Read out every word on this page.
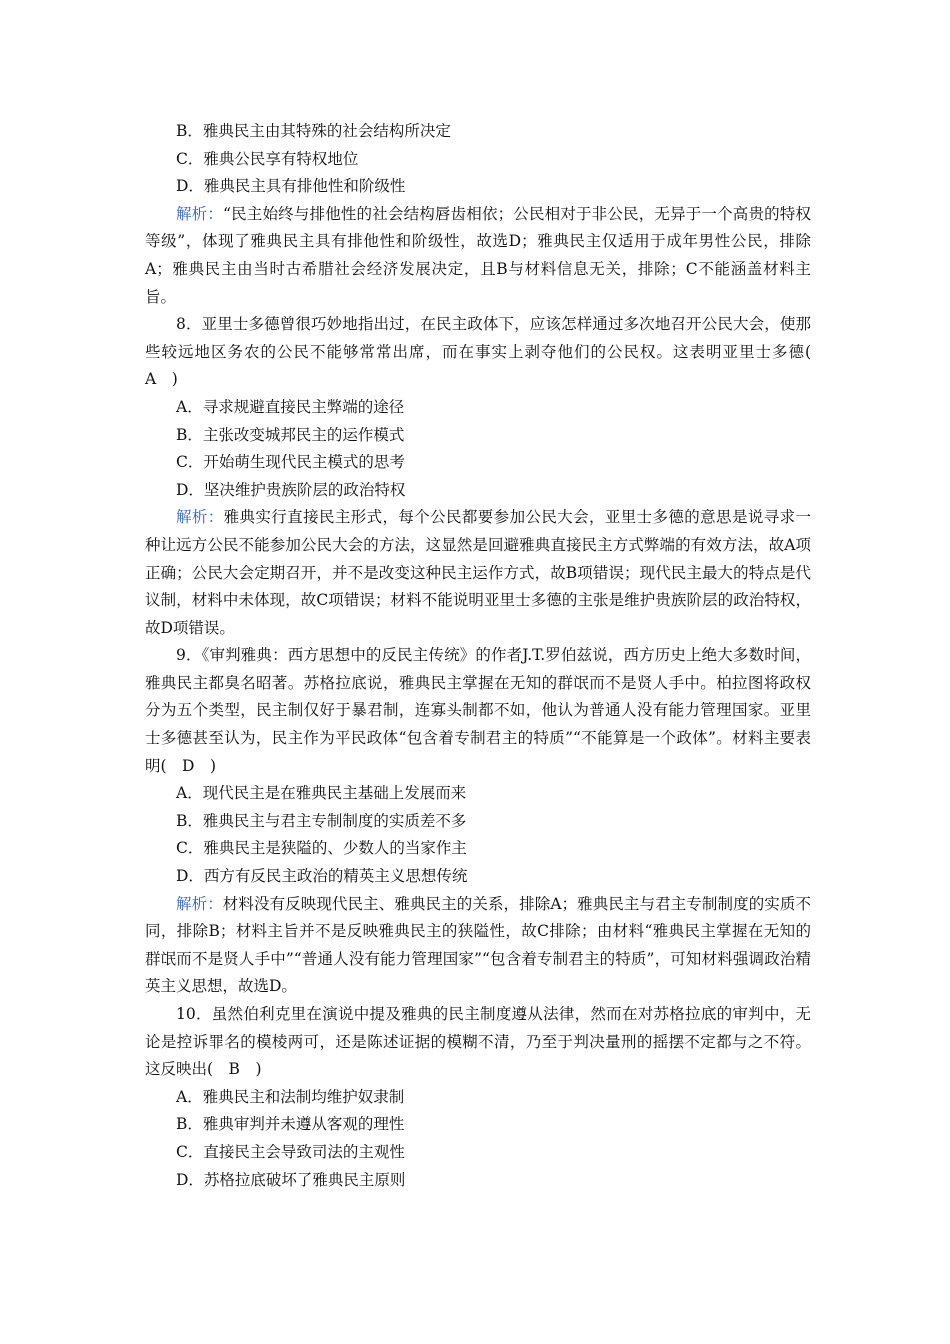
B．雅典民主由其特殊的社会结构所决定

C．雅典公民享有特权地位

D．雅典民主具有排他性和阶级性

解析：“民主始终与排他性的社会结构唇齿相依；公民相对于非公民，无异于一个高贵的特权等级”，体现了雅典民主具有排他性和阶级性，故选D；雅典民主仅适用于成年男性公民，排除A；雅典民主由当时古希腊社会经济发展决定，且B与材料信息无关，排除；C不能涵盖材料主旨。

8．亚里士多德曾很巧妙地指出过，在民主政体下，应该怎样通过多次地召开公民大会，使那些较远地区务农的公民不能够常常出席，而在事实上剥夺他们的公民权。这表明亚里士多德(　A　)

A．寻求规避直接民主弊端的途径

B．主张改变城邦民主的运作模式

C．开始萌生现代民主模式的思考

D．坚决维护贵族阶层的政治特权

解析：雅典实行直接民主形式，每个公民都要参加公民大会，亚里士多德的意思是说寻求一种让远方公民不能参加公民大会的方法，这显然是回避雅典直接民主方式弊端的有效方法，故A项正确；公民大会定期召开，并不是改变这种民主运作方式，故B项错误；现代民主最大的特点是代议制，材料中未体现，故C项错误；材料不能说明亚里士多德的主张是维护贵族阶层的政治特权，故D项错误。

9．《审判雅典：西方思想中的反民主传统》的作者J.T.罗伯兹说，西方历史上绝大多数时间，雅典民主都臭名昭著。苏格拉底说，雅典民主掌握在无知的群氓而不是贤人手中。柏拉图将政权分为五个类型，民主制仅好于暴君制，连寡头制都不如，他认为普通人没有能力管理国家。亚里士多德甚至认为，民主作为平民政体“包含着专制君主的特质”“不能算是一个政体”。材料主要表明(　D　)

A．现代民主是在雅典民主基础上发展而来

B．雅典民主与君主专制制度的实质差不多

C．雅典民主是狭隘的、少数人的当家作主

D．西方有反民主政治的精英主义思想传统

解析：材料没有反映现代民主、雅典民主的关系，排除A；雅典民主与君主专制制度的实质不同，排除B；材料主旨并不是反映雅典民主的狭隘性，故C排除；由材料“雅典民主掌握在无知的群氓而不是贤人手中”“普通人没有能力管理国家”“包含着专制君主的特质”，可知材料强调政治精英主义思想，故选D。

10．虽然伯利克里在演说中提及雅典的民主制度遵从法律，然而在对苏格拉底的审判中，无论是控诉罪名的模棱两可，还是陈述证据的模糊不清，乃至于判决量刑的摇摆不定都与之不符。这反映出(　B　)

A．雅典民主和法制均维护奴隶制

B．雅典审判并未遵从客观的理性

C．直接民主会导致司法的主观性

D．苏格拉底破坏了雅典民主原则
